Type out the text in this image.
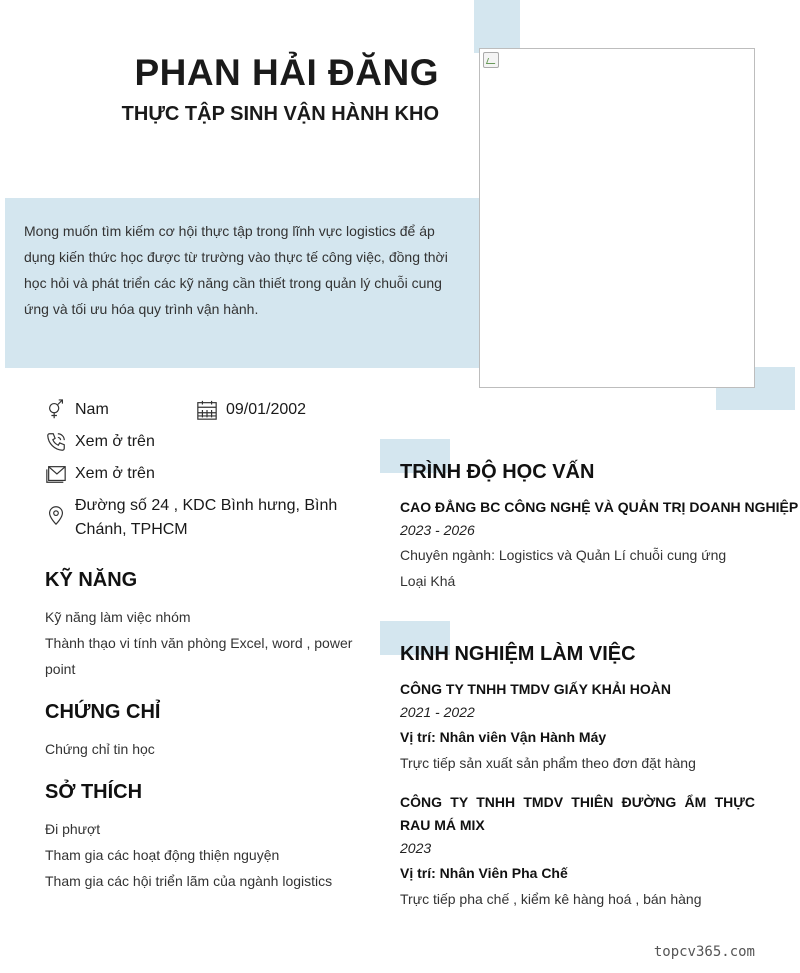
PHAN HẢI ĐĂNG
THỰC TẬP SINH VẬN HÀNH KHO

Mong muốn tìm kiếm cơ hội thực tập trong lĩnh vực logistics để áp dụng kiến thức học được từ trường vào thực tế công việc, đồng thời học hỏi và phát triển các kỹ năng cần thiết trong quản lý chuỗi cung ứng và tối ưu hóa quy trình vận hành.

Nam	09/01/2002
Xem ở trên
Xem ở trên
Đường số 24 , KDC Bình hưng, Bình Chánh, TPHCM
KỸ NĂNG
Kỹ năng làm việc nhóm
Thành thạo vi tính văn phòng Excel, word , power point
CHỨNG CHỈ
Chứng chỉ tin học
SỞ THÍCH
Đi phượt
Tham gia các hoạt động thiện nguyện
Tham gia các hội triển lãm của ngành logistics
TRÌNH ĐỘ HỌC VẤN
CAO ĐẲNG BC CÔNG NGHỆ VÀ QUẢN TRỊ DOANH NGHIỆP
2023 - 2026
Chuyên ngành: Logistics và Quản Lí chuỗi cung ứng
Loại Khá
KINH NGHIỆM LÀM VIỆC
CÔNG TY TNHH TMDV GIẤY KHẢI HOÀN
2021 - 2022
Vị trí: Nhân viên Vận Hành Máy
Trực tiếp sản xuất sản phẩm theo đơn đặt hàng
CÔNG TY TNHH TMDV THIÊN ĐƯỜNG ẨM THỰC RAU MÁ MIX
2023
Vị trí: Nhân Viên Pha Chế
Trực tiếp pha chế , kiểm kê hàng hoá , bán hàng
topcv365.com
